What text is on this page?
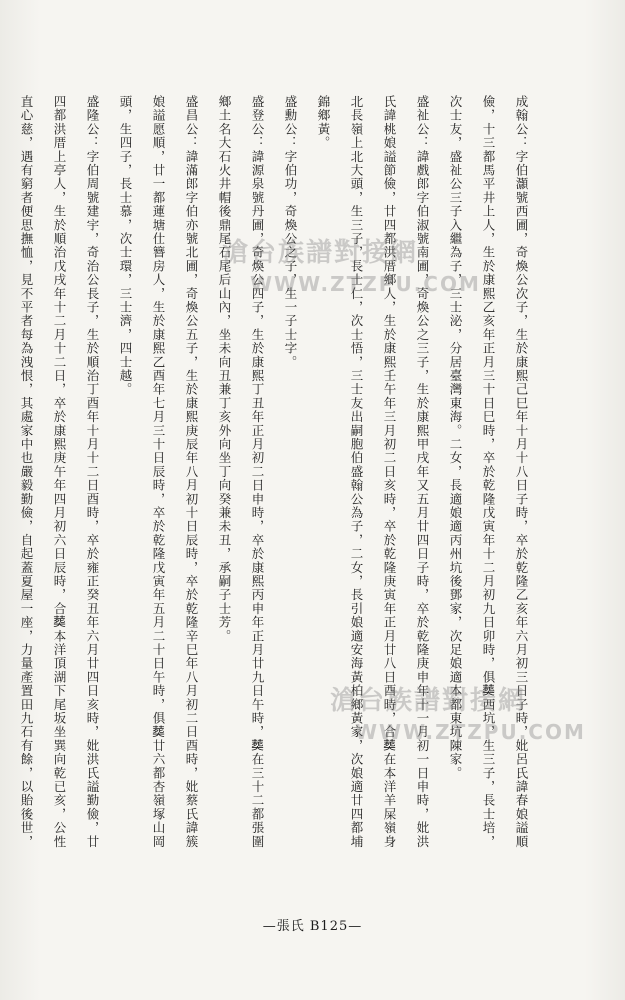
成翰公：字伯灝號西圃，奇煥公次子，生於康熙己巳年十月十八日子時，卒於乾隆乙亥年六月初三日子時，妣呂氏諱春娘謚順
儉，十三都馬平井上人，生於康熙乙亥年正月三十日巳時，卒於乾隆戊寅年十二月初九日卯時，俱𦵏西坑，生三子，長士培，
次士友，盛祉公三子入繼為子，三士泌，分居臺灣東海。二女，長適娘適丙州坑後鄧家，次足娘適本都東坑陳家。
盛祉公：諱戲郎字伯淑號南圃，奇煥公之三子，生於康熙甲戌年又五月廿四日子時，卒於乾隆庚申年十一月初一日申時，妣洪
氏諱桃娘謚節儉，廿四都洪厝鄉人，生於康熙壬午年三月初二日亥時，卒於乾隆庚寅年正月廿八日酉時，合𦵏在本洋羊屎嶺身
北長嶺上北大頭，生三子，長士仁，次士悟，三士友出嗣胞伯盛翰公為子，二女，長引娘適安海黃柏鄉黃家，次娘適廿四都埔
錦鄉黃。
盛勳公：字伯功，奇煥公之子，生一子士字。
盛登公：諱源泉號丹圃，奇煥公四子，生於康熙丁丑年正月初二日申時，卒於康熙丙申年正月廿九日午時，𦵏在三十二都張圍
鄉土名大石火井帽後鼎尾石尾后山內，坐未向丑兼丁亥外向坐丁向癸兼未丑，承嗣子士芳。
盛昌公：諱滿郎字伯亦號北圃，奇煥公五子，生於康熙庚辰年八月初十日辰時，卒於乾隆辛巳年八月初二日酉時，妣蔡氏諱簇
娘謚愿順，廿一都蓮塘仕簪房人，生於康熙乙酉年七月三十日辰時，卒於乾隆戊寅年五月二十日午時，俱𦵏廿六都杏嶺塚山岡
頭，生四子，長士慕，次士環，三士濟，四士越。
盛隆公：字伯周號建宇，奇治公長子，生於順治丁酉年十月十二日酉時，卒於雍正癸丑年六月廿四日亥時，妣洪氏謚勤儉，廿
四都洪厝上亭人，生於順治戊戌年十二月十二日，卒於康熙庚午年四月初六日辰時，合𦵏本洋頂湖下尾坂坐巽向乾已亥，公性
直心慈，遇有窮者便思撫恤，見不平者每為洩恨，其處家中也嚴毅勤儉，自起蓋夏屋一座，力量產置田九石有餘，以貽後世，	滄台族譜對接網
WWW.ZTZPU.COM
滄台族譜對接網
WWW.ZTZPU.COM
—張氏 B125—
